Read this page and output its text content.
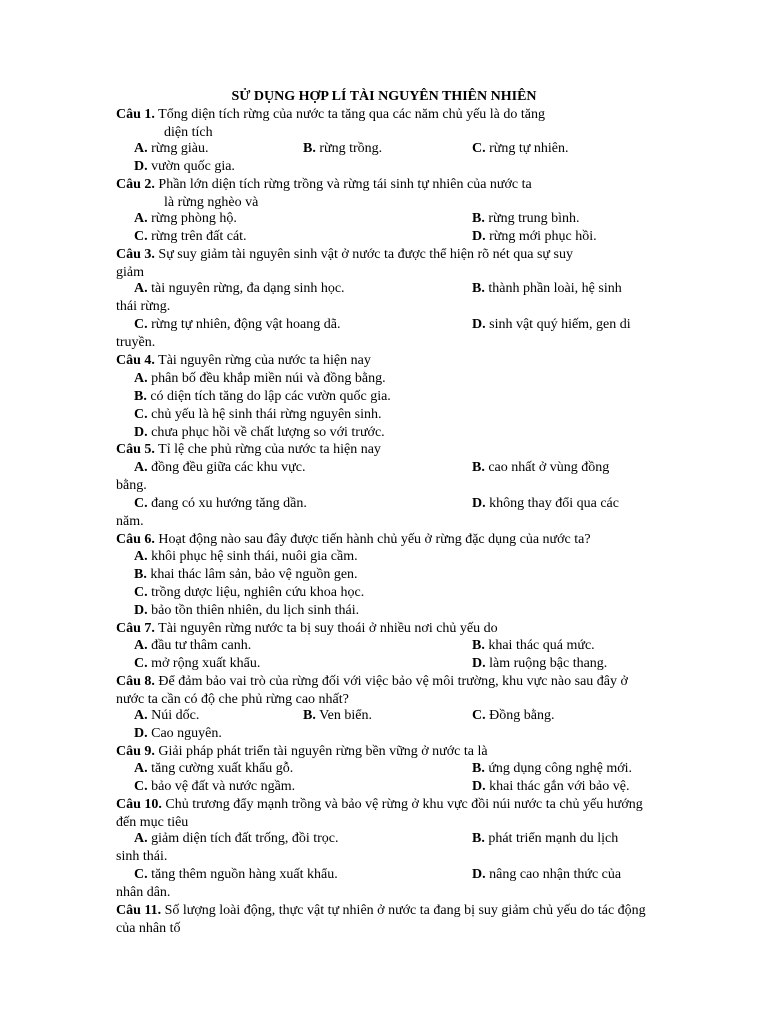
SỬ DỤNG HỢP LÍ TÀI NGUYÊN THIÊN NHIÊN
Câu 1. Tổng diện tích rừng của nước ta tăng qua các năm chủ yếu là do tăng
diện tích
A. rừng giàu.	B. rừng trồng.	C. rừng tự nhiên.
D. vườn quốc gia.
Câu 2. Phần lớn diện tích rừng trồng và rừng tái sinh tự nhiên của nước ta
là rừng nghèo và
A. rừng phòng hộ.	B. rừng trung bình.
C. rừng trên đất cát.	D. rừng mới phục hồi.
Câu 3. Sự suy giảm tài nguyên sinh vật ở nước ta được thể hiện rõ nét qua sự suy
giảm
A. tài nguyên rừng, đa dạng sinh học.	B. thành phần loài, hệ sinh
thái rừng.
C. rừng tự nhiên, động vật hoang dã.	D. sinh vật quý hiếm, gen di
truyền.
Câu 4. Tài nguyên rừng của nước ta hiện nay
A. phân bố đều khắp miền núi và đồng bằng.
B. có diện tích tăng do lập các vườn quốc gia.
C. chủ yếu là hệ sinh thái rừng nguyên sinh.
D. chưa phục hồi về chất lượng so với trước.
Câu 5. Tỉ lệ che phủ rừng của nước ta hiện nay
A. đồng đều giữa các khu vực.	B. cao nhất ở vùng đồng
bằng.
C. đang có xu hướng tăng dần.	D. không thay đổi qua các
năm.
Câu 6. Hoạt động nào sau đây được tiến hành chủ yếu ở rừng đặc dụng của nước ta?
A. khôi phục hệ sinh thái, nuôi gia cầm.
B. khai thác lâm sản, bảo vệ nguồn gen.
C. trồng dược liệu, nghiên cứu khoa học.
D. bảo tồn thiên nhiên, du lịch sinh thái.
Câu 7. Tài nguyên rừng nước ta bị suy thoái ở nhiều nơi chủ yếu do
A. đầu tư thâm canh.	B. khai thác quá mức.
C. mở rộng xuất khẩu.	D. làm ruộng bậc thang.
Câu 8. Để đảm bảo vai trò của rừng đối với việc bảo vệ môi trường, khu vực nào sau đây ở nước ta cần có độ che phủ rừng cao nhất?
A. Núi dốc.	B. Ven biển.	C. Đồng bằng.
D. Cao nguyên.
Câu 9. Giải pháp phát triển tài nguyên rừng bền vững ở nước ta là
A. tăng cường xuất khẩu gỗ.	B. ứng dụng công nghệ mới.
C. bảo vệ đất và nước ngầm.	D. khai thác gắn với bảo vệ.
Câu 10. Chủ trương đẩy mạnh trồng và bảo vệ rừng ở khu vực đồi núi nước ta chủ yếu hướng đến mục tiêu
A. giảm diện tích đất trống, đồi trọc.	B. phát triển mạnh du lịch
sinh thái.
C. tăng thêm nguồn hàng xuất khẩu.	D. nâng cao nhận thức của
nhân dân.
Câu 11. Số lượng loài động, thực vật tự nhiên ở nước ta đang bị suy giảm chủ yếu do tác động của nhân tố
